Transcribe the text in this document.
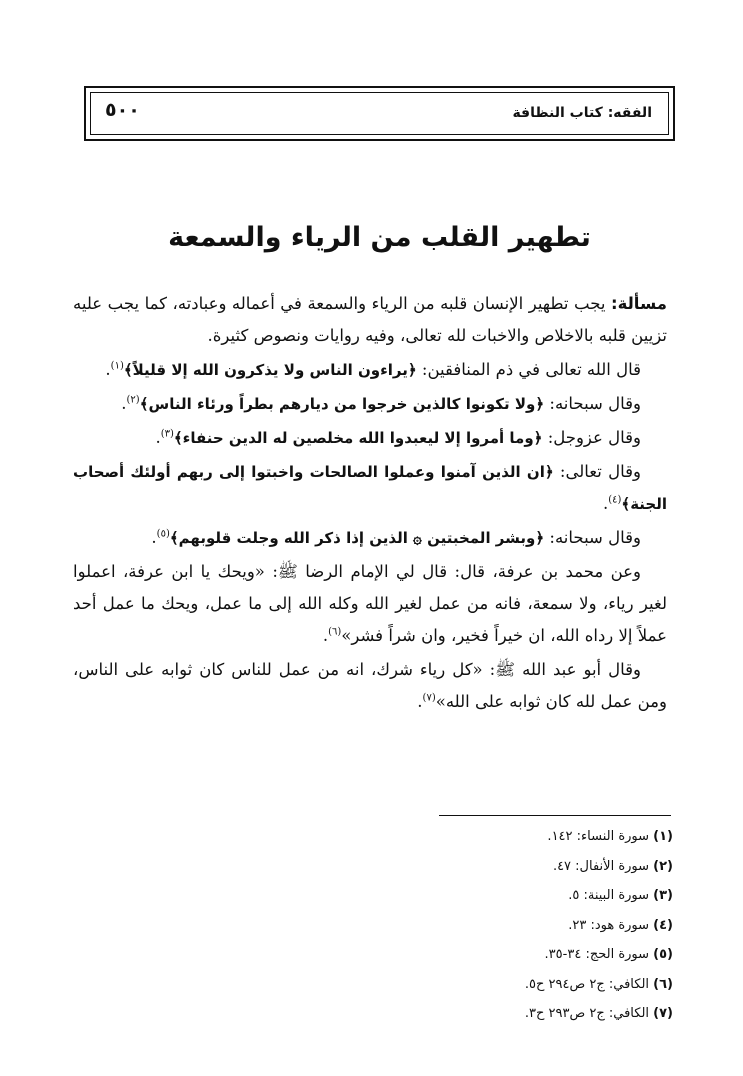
الفقه: كتاب النظافة
٥٠٠
تطهير القلب من الرياء والسمعة

مسألة: يجب تطهير الإنسان قلبه من الرياء والسمعة في أعماله وعبادته، كما يجب عليه تزيين قلبه بالاخلاص والاخبات لله تعالى، وفيه روايات ونصوص كثيرة.

قال الله تعالى في ذم المنافقين: ﴿يراءون الناس ولا يذكرون الله إلا قليلاً﴾$^{(١)}$.

وقال سبحانه: ﴿ولا تكونوا كالذين خرجوا من ديارهم بطراً ورئاء الناس﴾$^{(٢)}$.

وقال عزوجل: ﴿وما أمروا إلا ليعبدوا الله مخلصين له الدين حنفاء﴾$^{(٣)}$.

وقال تعالى: ﴿ان الذين آمنوا وعملوا الصالحات واخبتوا إلى ربهم أولئك أصحاب الجنة﴾$^{(٤)}$.

وقال سبحانه: ﴿وبشر المخبتين ۞ الذين إذا ذكر الله وجلت قلوبهم﴾$^{(٥)}$.

وعن محمد بن عرفة، قال: قال لي الإمام الرضا ﷺ: «ويحك يا ابن عرفة، اعملوا لغير رياء، ولا سمعة، فانه من عمل لغير الله وكله الله إلى ما عمل، ويحك ما عمل أحد عملاً إلا رداه الله، ان خيراً فخير، وان شراً فشر»$^{(٦)}$.

وقال أبو عبد الله ﷺ: «كل رياء شرك، انه من عمل للناس كان ثوابه على الناس، ومن عمل لله كان ثوابه على الله»$^{(٧)}$.

(١) سورة النساء: ١٤٢.
(٢) سورة الأنفال: ٤٧.
(٣) سورة البينة: ٥.
(٤) سورة هود: ٢٣.
(٥) سورة الحج: ٣٤-٣٥.
(٦) الكافي: ج٢ ص٢٩٤ ح٥.
(٧) الكافي: ج٢ ص٢٩٣ ح٣.
